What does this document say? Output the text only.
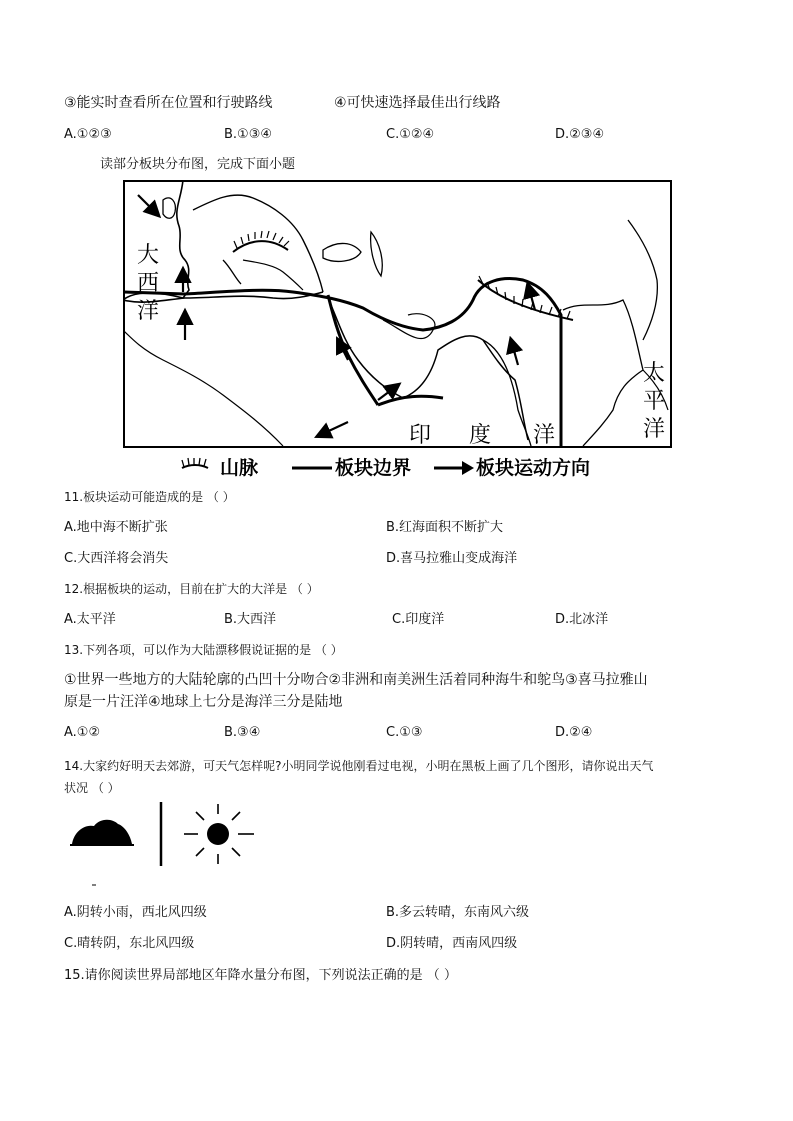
③能实时查看所在位置和行驶路线	④可快速选择最佳出行线路
A.①②③	B.①③④	C.①②④	D.②③④
读部分板块分布图，完成下面小题
大
西
洋
印 度 洋
太
平
洋
山脉	板块边界	板块运动方向
11.板块运动可能造成的是 （ ）
A.地中海不断扩张	B.红海面积不断扩大
C.大西洋将会消失	D.喜马拉雅山变成海洋
12.根据板块的运动，目前在扩大的大洋是 （ ）
A.太平洋	B.大西洋	C.印度洋	D.北冰洋
13.下列各项，可以作为大陆漂移假说证据的是 （ ）
①世界一些地方的大陆轮廓的凸凹十分吻合②非洲和南美洲生活着同种海牛和鸵鸟③喜马拉雅山
原是一片汪洋④地球上七分是海洋三分是陆地
A.①②	B.③④	C.①③	D.②④
14.大家约好明天去郊游，可天气怎样呢?小明同学说他刚看过电视，小明在黑板上画了几个图形，请你说出天气
状况 （ ）
A.阴转小雨，西北风四级	B.多云转晴，东南风六级
C.晴转阴，东北风四级	D.阴转晴，西南风四级
15.请你阅读世界局部地区年降水量分布图，下列说法正确的是 （ ）
